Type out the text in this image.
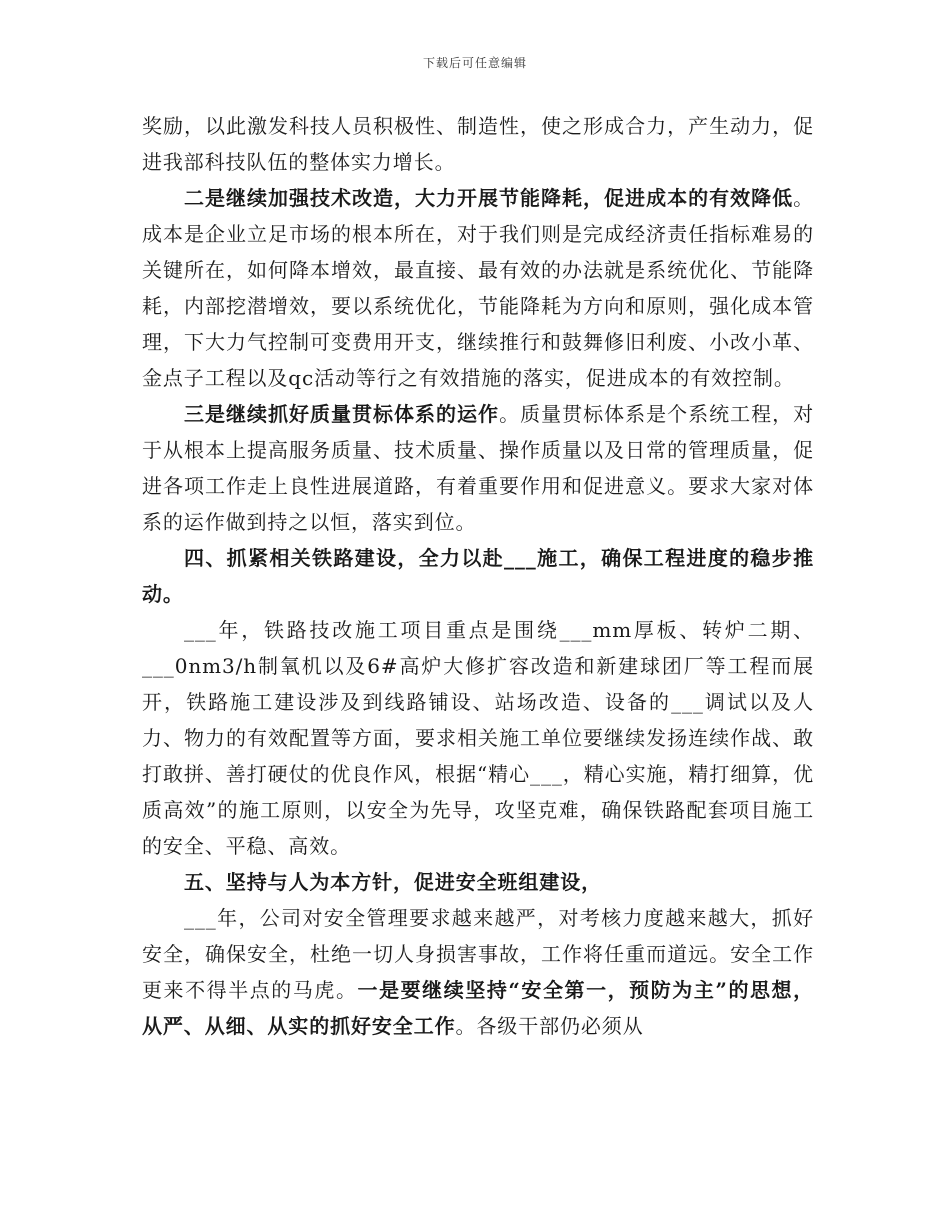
下载后可任意编辑

奖励，以此激发科技人员积极性、制造性，使之形成合力，产生动力，促进我部科技队伍的整体实力增长。

二是继续加强技术改造，大力开展节能降耗，促进成本的有效降低。成本是企业立足市场的根本所在，对于我们则是完成经济责任指标难易的关键所在，如何降本增效，最直接、最有效的办法就是系统优化、节能降耗，内部挖潜增效，要以系统优化，节能降耗为方向和原则，强化成本管理，下大力气控制可变费用开支，继续推行和鼓舞修旧利废、小改小革、金点子工程以及qc活动等行之有效措施的落实，促进成本的有效控制。

三是继续抓好质量贯标体系的运作。质量贯标体系是个系统工程，对于从根本上提高服务质量、技术质量、操作质量以及日常的管理质量，促进各项工作走上良性进展道路，有着重要作用和促进意义。要求大家对体系的运作做到持之以恒，落实到位。

四、抓紧相关铁路建设，全力以赴___施工，确保工程进度的稳步推动。

___年，铁路技改施工项目重点是围绕___mm厚板、转炉二期、___0nm3/h制氧机以及6#高炉大修扩容改造和新建球团厂等工程而展开，铁路施工建设涉及到线路铺设、站场改造、设备的___调试以及人力、物力的有效配置等方面，要求相关施工单位要继续发扬连续作战、敢打敢拼、善打硬仗的优良作风，根据“精心___，精心实施，精打细算，优质高效”的施工原则，以安全为先导，攻坚克难，确保铁路配套项目施工的安全、平稳、高效。

五、坚持与人为本方针，促进安全班组建设，

___年，公司对安全管理要求越来越严，对考核力度越来越大，抓好安全，确保安全，杜绝一切人身损害事故，工作将任重而道远。安全工作更来不得半点的马虎。一是要继续坚持“安全第一，预防为主”的思想，从严、从细、从实的抓好安全工作。各级干部仍必须从
